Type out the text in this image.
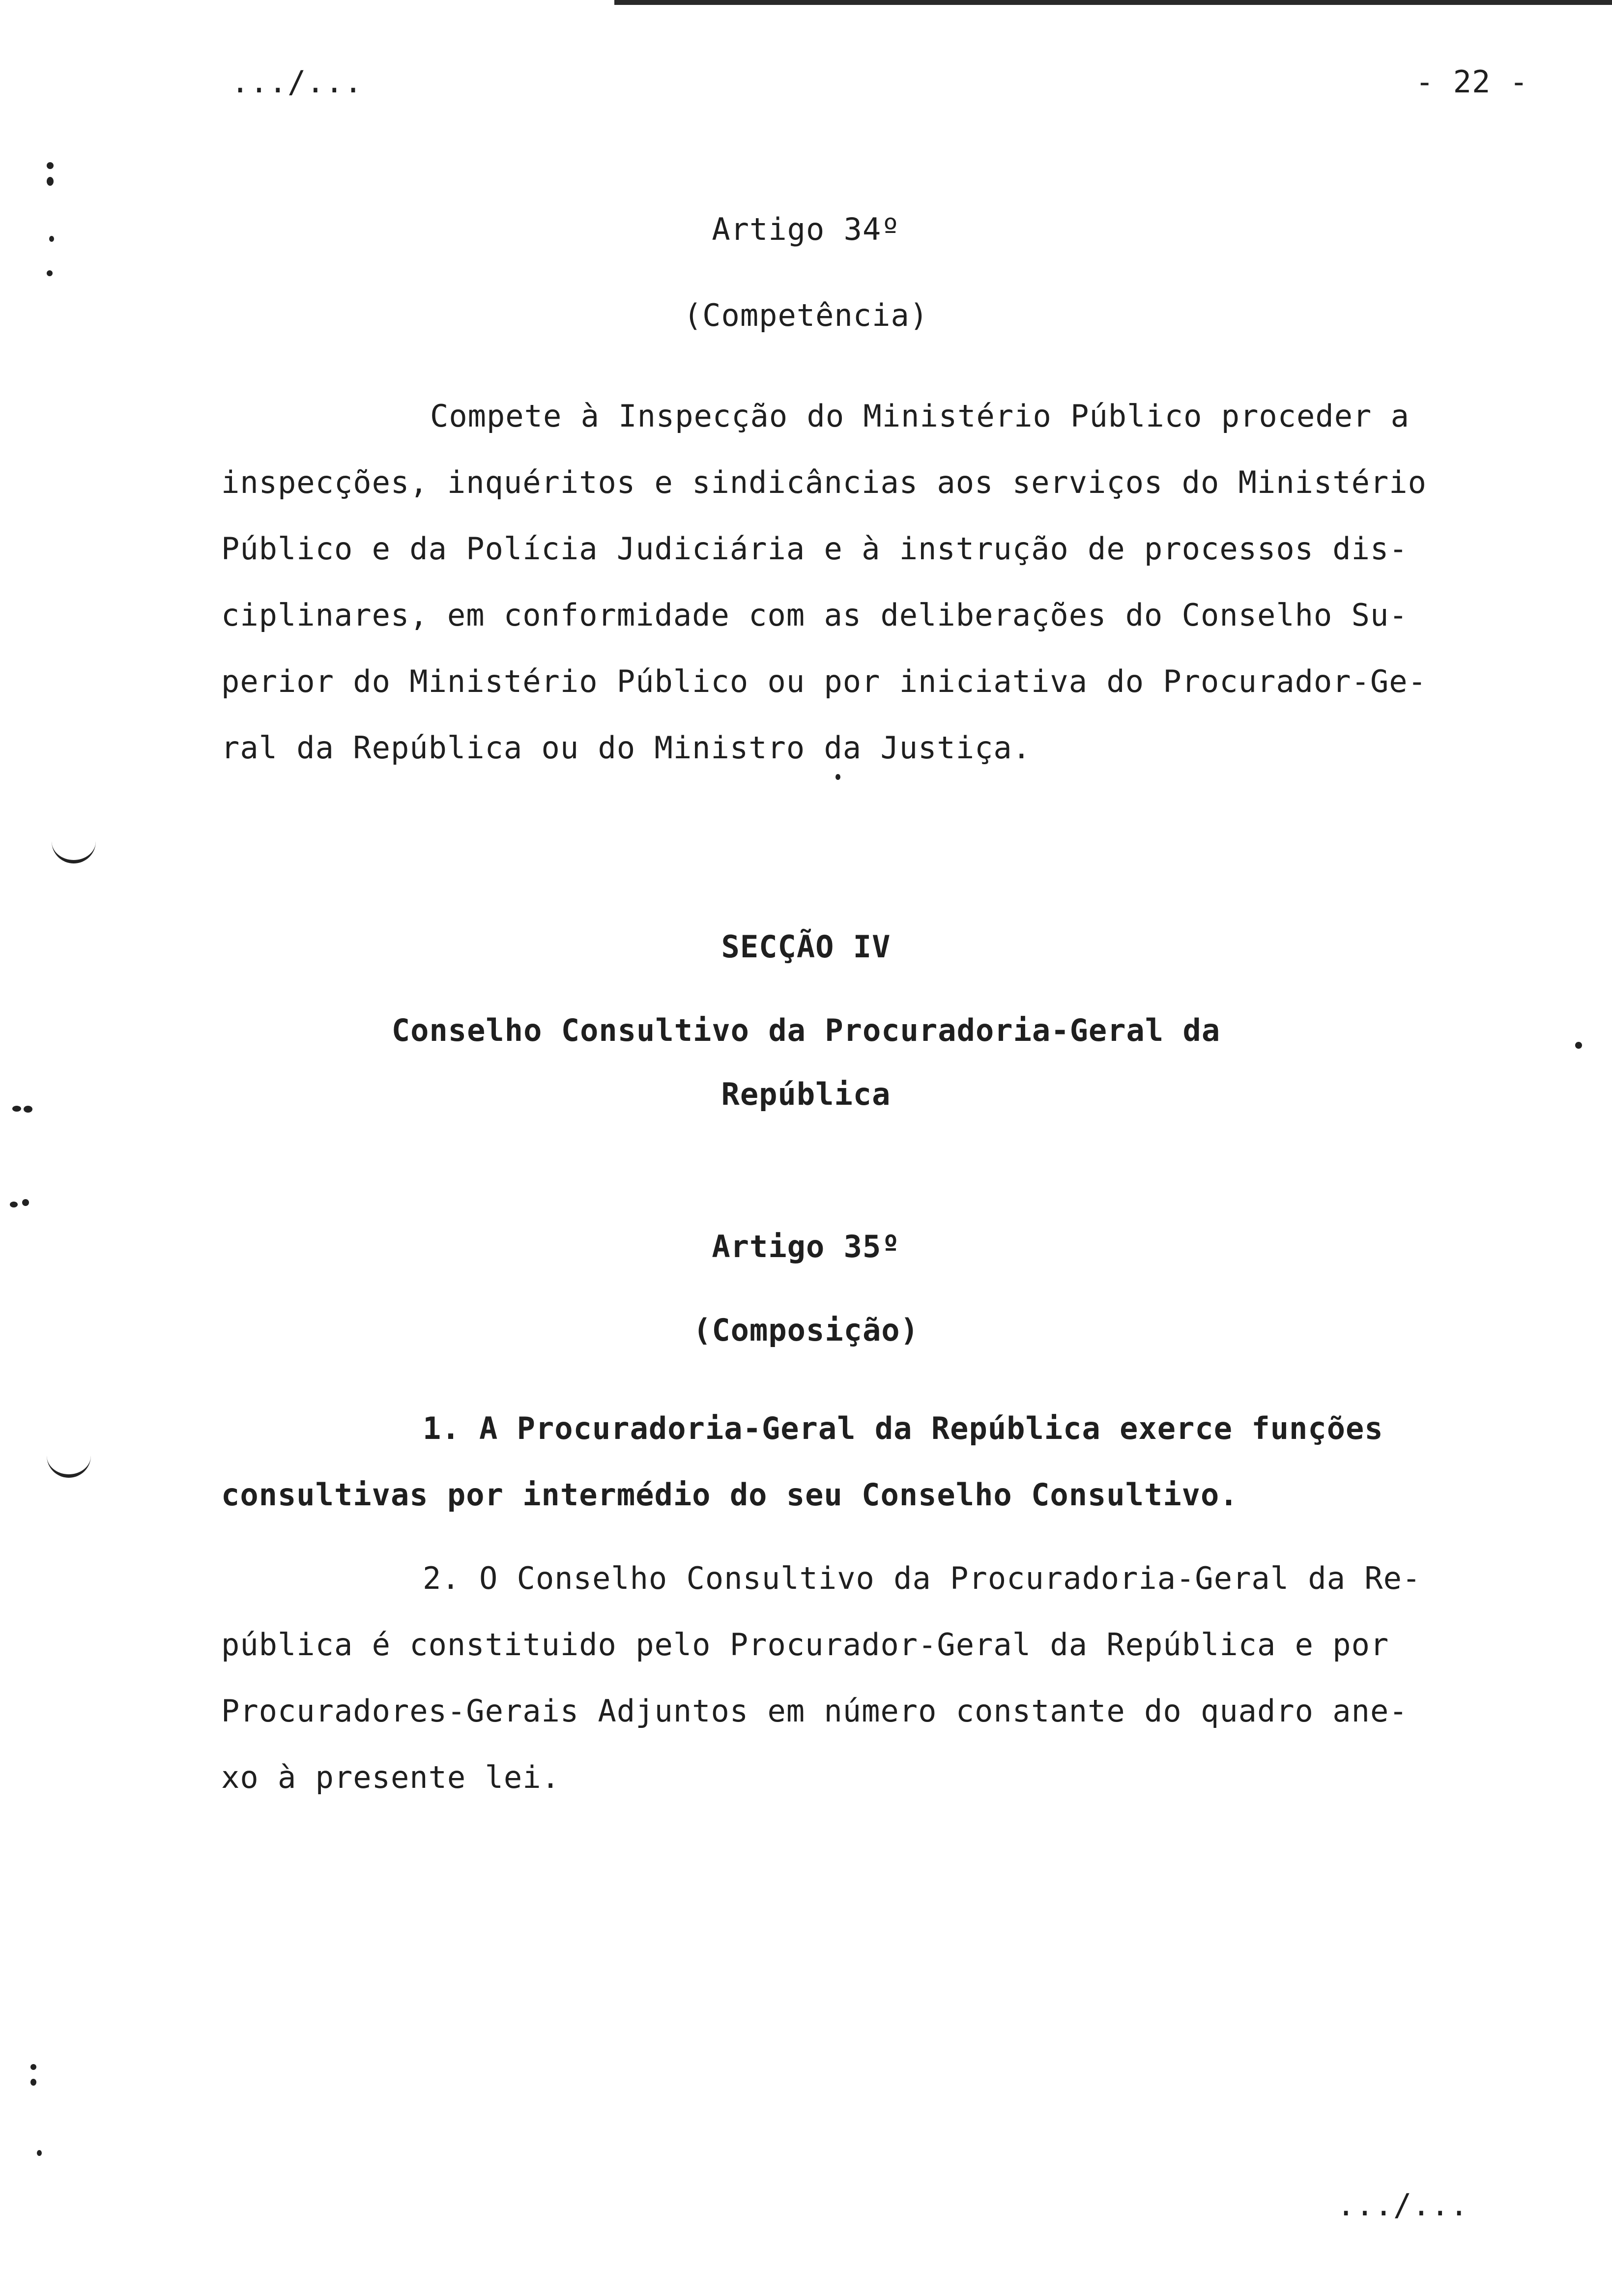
.../...	- 22 -
Artigo 34º
(Competência)
Compete à Inspecção do Ministério Público proceder a
inspecções, inquéritos e sindicâncias aos serviços do Ministério
Público e da Polícia Judiciária e à instrução de processos dis-
ciplinares, em conformidade com as deliberações do Conselho Su-
perior do Ministério Público ou por iniciativa do Procurador-Ge-
ral da República ou do Ministro da Justiça.
SECÇÃO IV
Conselho Consultivo da Procuradoria-Geral da
República
Artigo 35º
(Composição)
1. A Procuradoria-Geral da República exerce funções
consultivas por intermédio do seu Conselho Consultivo.
2. O Conselho Consultivo da Procuradoria-Geral da Re-
pública é constituido pelo Procurador-Geral da República e por
Procuradores-Gerais Adjuntos em número constante do quadro ane-
xo à presente lei.
.../...
